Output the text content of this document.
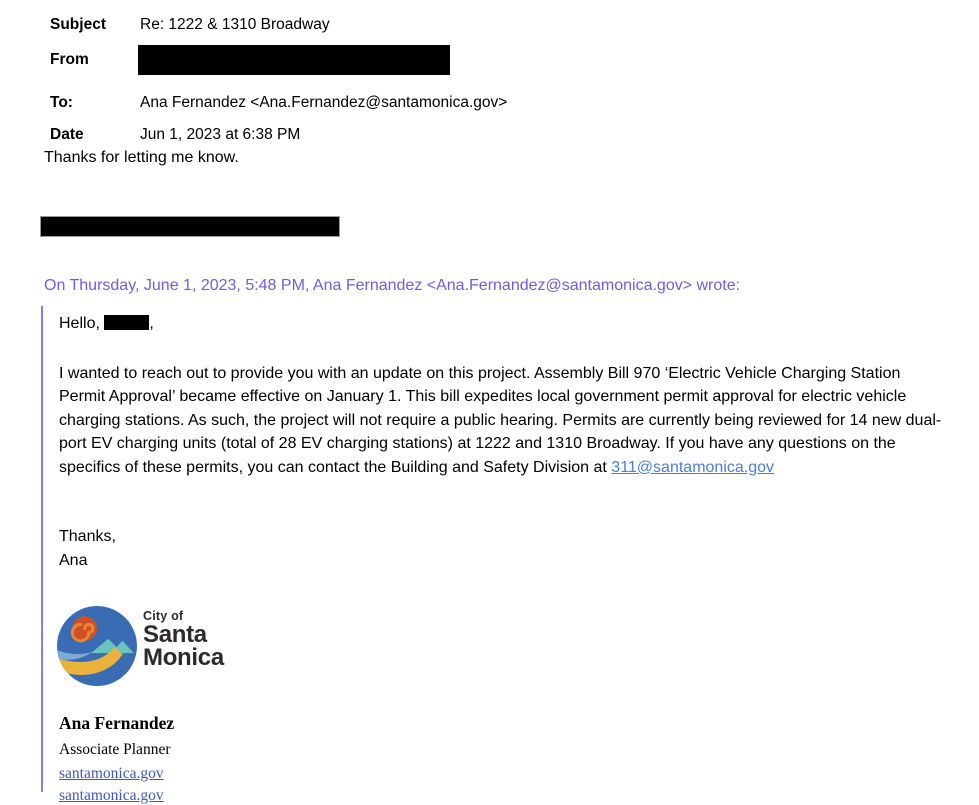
Subject Re: 1222 & 1310 Broadway
From
To:	Ana Fernandez <Ana.Fernandez@santamonica.gov>
Date	Jun 1, 2023 at 6:38 PM
Thanks for letting me know.
On Thursday, June 1, 2023, 5:48 PM, Ana Fernandez <Ana.Fernandez@santamonica.gov> wrote:
Hello,	,
I wanted to reach out to provide you with an update on this project. Assembly Bill 970 ‘Electric Vehicle Charging Station Permit Approval’ became effective on January 1. This bill expedites local government permit approval for electric vehicle charging stations. As such, the project will not require a public hearing. Permits are currently being reviewed for 14 new dual-port EV charging units (total of 28 EV charging stations) at 1222 and 1310 Broadway. If you have any questions on the specifics of these permits, you can contact the Building and Safety Division at 311@santamonica.gov
Thanks,
Ana
City of
Santa
Monica
Ana Fernandez
Associate Planner
santamonica.gov
santamonica.gov
